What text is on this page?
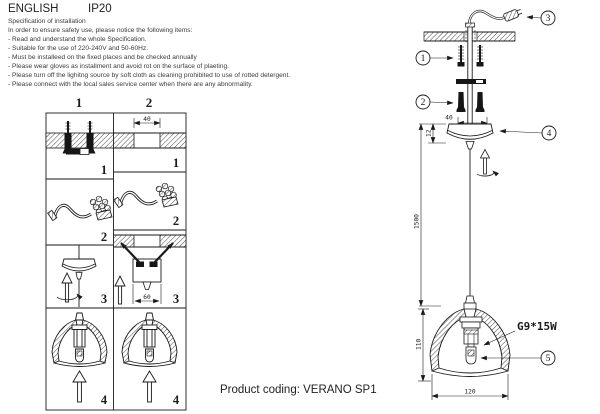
ENGLISH	IP20
Specification of installation
In order to ensure safety use, please notice the following items:
- Read and understand the whole Specification.
- Suitable for the use of 220-240V and 50-60Hz.
- Must be installeed on the fixed places and be checked annually
- Please wear gloves as installment and avoid rot on the surface of plaeting.
- Please turn off the lighitng source by soft cloth as cleaning prohibited to use of rotted detergent.
- Please connect with the local sales service center when there are any abnormality.
Product coding: VERANO SP1
1	2
1
40
1
2
2
3	60 3
4	4
3
1
2
40
4
12
1500
G9*15W
5
110
120
